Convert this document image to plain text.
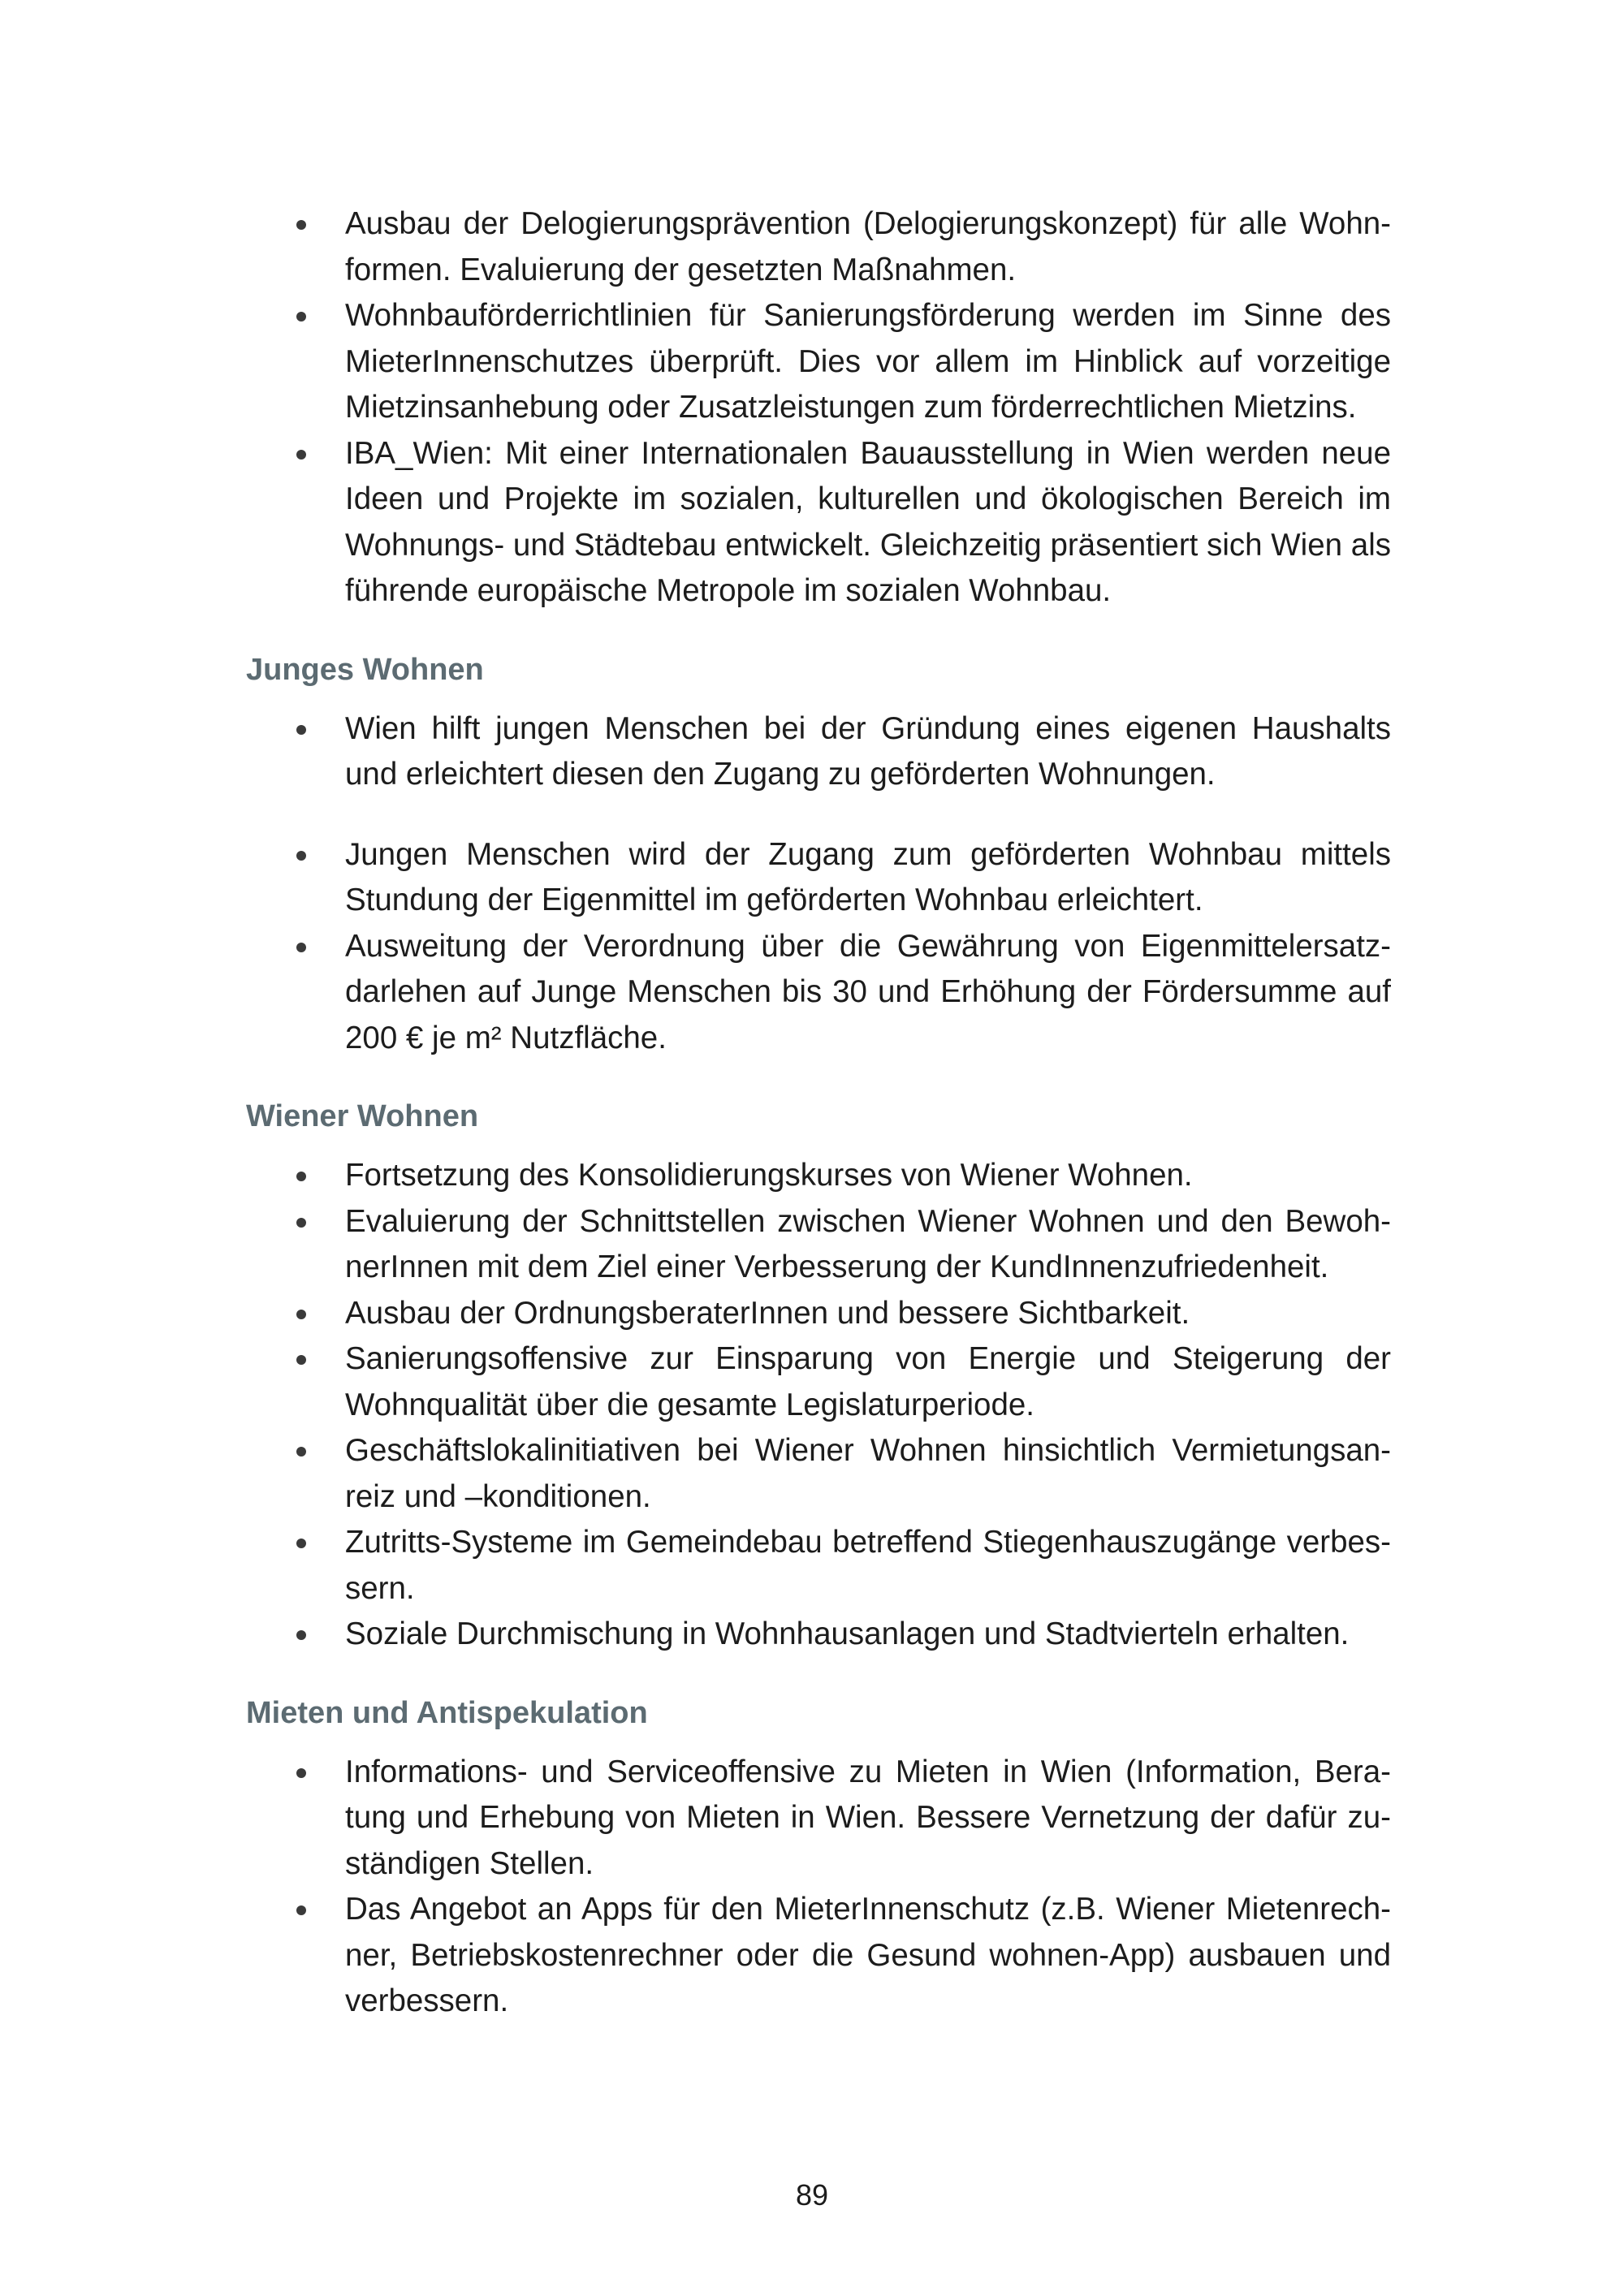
Ausbau der Delogierungsprävention (Delogierungskonzept) für alle Wohnformen. Evaluierung der gesetzten Maßnahmen.
Wohnbauförderrichtlinien für Sanierungsförderung werden im Sinne des MieterInnenschutzes überprüft. Dies vor allem im Hinblick auf vorzeitige Mietzinsanhebung oder Zusatzleistungen zum förderrechtlichen Mietzins.
IBA_Wien: Mit einer Internationalen Bauausstellung in Wien werden neue Ideen und Projekte im sozialen, kulturellen und ökologischen Bereich im Wohnungs- und Städtebau entwickelt. Gleichzeitig präsentiert sich Wien als führende europäische Metropole im sozialen Wohnbau.
Junges Wohnen
Wien hilft jungen Menschen bei der Gründung eines eigenen Haushalts und erleichtert diesen den Zugang zu geförderten Wohnungen.
Jungen Menschen wird der Zugang zum geförderten Wohnbau mittels Stundung der Eigenmittel im geförderten Wohnbau erleichtert.
Ausweitung der Verordnung über die Gewährung von Eigenmittelersatzdarlehen auf Junge Menschen bis 30 und Erhöhung der Fördersumme auf 200 € je m² Nutzfläche.
Wiener Wohnen
Fortsetzung des Konsolidierungskurses von Wiener Wohnen.
Evaluierung der Schnittstellen zwischen Wiener Wohnen und den BewohnerInnen mit dem Ziel einer Verbesserung der KundInnenzufriedenheit.
Ausbau der OrdnungsberaterInnen und bessere Sichtbarkeit.
Sanierungsoffensive zur Einsparung von Energie und Steigerung der Wohnqualität über die gesamte Legislaturperiode.
Geschäftslokalinitiativen bei Wiener Wohnen hinsichtlich Vermietungsanreiz und –konditionen.
Zutritts-Systeme im Gemeindebau betreffend Stiegenhauszugänge verbessern.
Soziale Durchmischung in Wohnhausanlagen und Stadtvierteln erhalten.
Mieten und Antispekulation
Informations- und Serviceoffensive zu Mieten in Wien (Information, Beratung und Erhebung von Mieten in Wien. Bessere Vernetzung der dafür zuständigen Stellen.
Das Angebot an Apps für den MieterInnenschutz (z.B. Wiener Mietenrechner, Betriebskostenrechner oder die Gesund wohnen-App) ausbauen und verbessern.
89
